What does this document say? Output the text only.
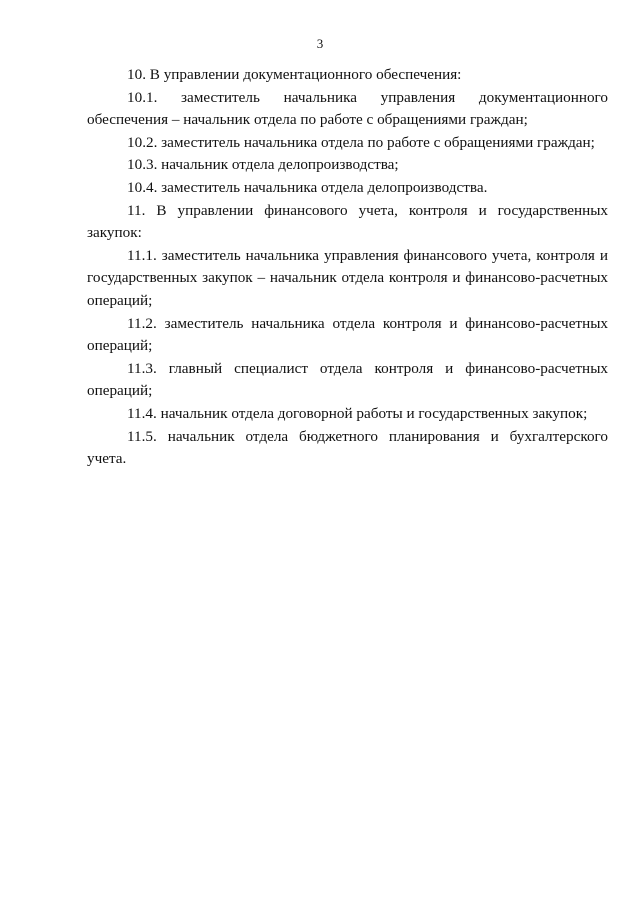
3

10. В управлении документационного обеспечения:

10.1. заместитель начальника управления документационного обеспечения – начальник отдела по работе с обращениями граждан;

10.2. заместитель начальника отдела по работе с обращениями граждан;

10.3. начальник отдела делопроизводства;

10.4. заместитель начальника отдела делопроизводства.

11. В управлении финансового учета, контроля и государственных закупок:

11.1. заместитель начальника управления финансового учета, контроля и государственных закупок – начальник отдела контроля и финансово-расчетных операций;

11.2. заместитель начальника отдела контроля и финансово-расчетных операций;

11.3. главный специалист отдела контроля и финансово-расчетных операций;

11.4. начальник отдела договорной работы и государственных закупок;

11.5. начальник отдела бюджетного планирования и бухгалтерского учета.
